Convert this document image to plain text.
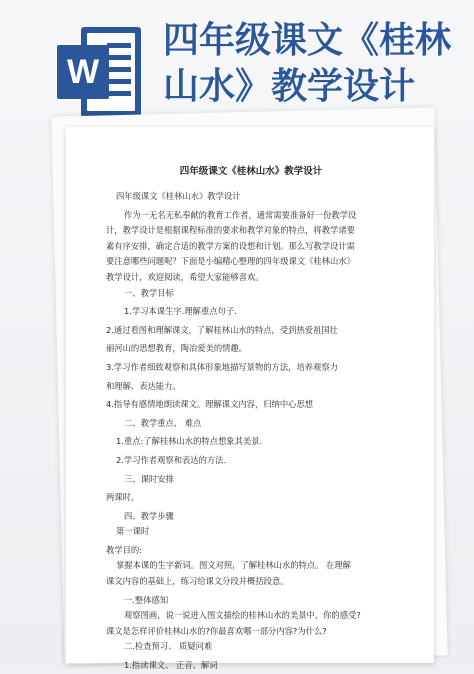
W
四年级课文《桂林
山水》教学设计
四年级课文《桂林山水》教学设计
四年级课文《桂林山水》教学设计
作为一无名无私奉献的教育工作者，通常需要准备好一份教学设
计，教学设计是根据课程标准的要求和教学对象的特点，将教学诸要
素有序安排，确定合适的教学方案的设想和计划。那么写教学设计需
要注意哪些问题呢？下面是小编精心整理的四年级课文《桂林山水》
教学设计，欢迎阅读，希望大家能够喜欢。
一、教学目标
1.学习本课生字.理解重点句子.
2.通过看图和理解课文，了解桂林山水的特点，受到热爱祖国壮
丽河山的思想教育，陶冶爱美的情趣。
3.学习作者细致观察和具体形象地描写景物的方法，培养观察力
和理解、表达能力。
4.指导有感情地朗读课文。理解课文内容，归纳中心思想
二、教学重点、 难点
1.重点:了解桂林山水的特点想象其美景.
2.学习作者观察和表达的方法.
三、课时安排
两课时。
四、教学步骤
第一课时
教学目的:
掌握本课的生字新词。图文对照，了解桂林山水的特点。 在理解
课文内容的基础上，练习给课文分段并概括段意。
一.整体感知
观察图画，说一说进入图文描绘的桂林山水的美景中，你的感受?
课文是怎样评价桂林山水的?你最喜欢哪一部分内容?为什么?
二.检查预习、 质疑问难
1.指读课文、 正音、解词
